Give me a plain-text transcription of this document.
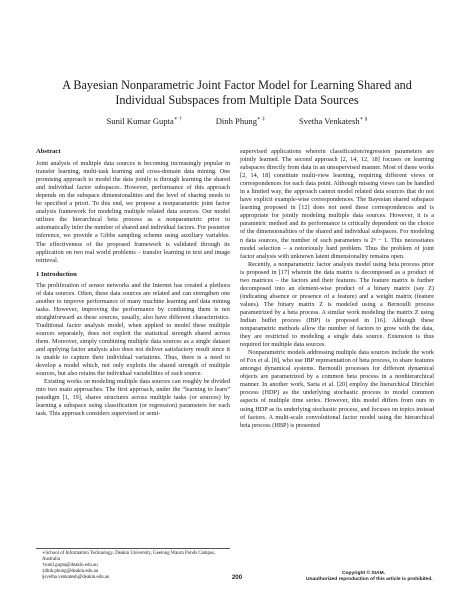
A Bayesian Nonparametric Joint Factor Model for Learning Shared and Individual Subspaces from Multiple Data Sources
Sunil Kumar Gupta∗ †	Dinh Phung∗ ‡	Svetha Venkatesh∗ §
Abstract

Joint analysis of multiple data sources is becoming increasingly popular in transfer learning, multi-task learning and cross-domain data mining. One promising approach to model the data jointly is through learning the shared and individual factor subspaces. However, performance of this approach depends on the subspace dimensionalities and the level of sharing needs to be specified a priori. To this end, we propose a nonparametric joint factor analysis framework for modeling multiple related data sources. Our model utilizes the hierarchical beta process as a nonparametric prior to automatically infer the number of shared and individual factors. For posterior inference, we provide a Gibbs sampling scheme using auxiliary variables. The effectiveness of the proposed framework is validated through its application on two real world problems – transfer learning in text and image retrieval.

1 Introduction

The proliferation of sensor networks and the Internet has created a plethora of data sources. Often, these data sources are related and can strengthen one another to improve performance of many machine learning and data mining tasks. However, improving the performance by combining them is not straightforward as these sources, usually, also have different characteristics. Traditional factor analysis model, when applied to model these multiple sources separately, does not exploit the statistical strength shared across them. Moreover, simply combining multiple data sources as a single dataset and applying factor analysis also does not deliver satisfactory result since it is unable to capture their individual variations. Thus, there is a need to develop a model which, not only exploits the shared strength of multiple sources, but also retains the individual variabilities of each source.

Existing works on modeling multiple data sources can roughly be divided into two main approaches. The first approach, under the “learning to learn” paradigm [1, 19], shares structures across multiple tasks (or sources) by learning a subspace using classification (or regression) parameters for each task. This approach considers supervised or semi-

supervised applications wherein classification/regression parameters are jointly learned. The second approach [2, 14, 12, 18] focuses on learning subspaces directly from data in an unsupervised manner. Most of these works [2, 14, 18] constitute multi-view learning, requiring different views or correspondences for each data point. Although missing views can be handled in a limited way, the approach cannot model related data sources that do not have explicit example-wise correspondences. The Bayesian shared subspace learning proposed in [12] does not need these correspondences and is appropriate for jointly modeling multiple data sources. However, it is a parametric method and its performance is critically dependent on the choice of the dimensionalities of the shared and individual subspaces. For modeling n data sources, the number of such parameters is 2ⁿ − 1. This necessitates model selection – a notoriously hard problem. Thus the problem of joint factor analysis with unknown latent dimensionality remains open.

Recently, a nonparametric factor analysis model using beta process prior is proposed in [17] wherein the data matrix is decomposed as a product of two matrices – the factors and their features. The feature matrix is further decomposed into an element-wise product of a binary matrix (say Z) (indicating absence or presence of a feature) and a weight matrix (feature values). The binary matrix Z is modeled using a Bernoulli process parametrized by a beta process. A similar work modeling the matrix Z using Indian buffet process (IBP) is proposed in [16]. Although these nonparametric methods allow the number of factors to grow with the data, they are restricted to modeling a single data source. Extension is thus required for multiple data sources.

Nonparametric models addressing multiple data sources include the work of Fox et al. [8], who use IBP representation of beta process, to share features amongst dynamical systems. Bernoulli processes for different dynamical objects are parametrized by a common beta process in a nonhierarchical manner. In another work, Saria et al. [20] employ the hierarchical Dirichlet process (HDP) as the underlying stochastic process to model common aspects of multiple time series. However, this model differs from ours in using HDP as its underlying stochastic process, and focuses on topics instead of factors. A multi-scale convolutional factor model using the hierarchical beta process (HBP) is presented

∗School of Information Technology, Deakin University, Geelong Waurn Ponds Campus, Australia
†sunil.gupta@deakin.edu.au
‡dinh.phung@deakin.edu.au
§svetha.venkatesh@deakin.edu.au	200
Copyright © SIAM.
Unauthorized reproduction of this article is prohibited.
